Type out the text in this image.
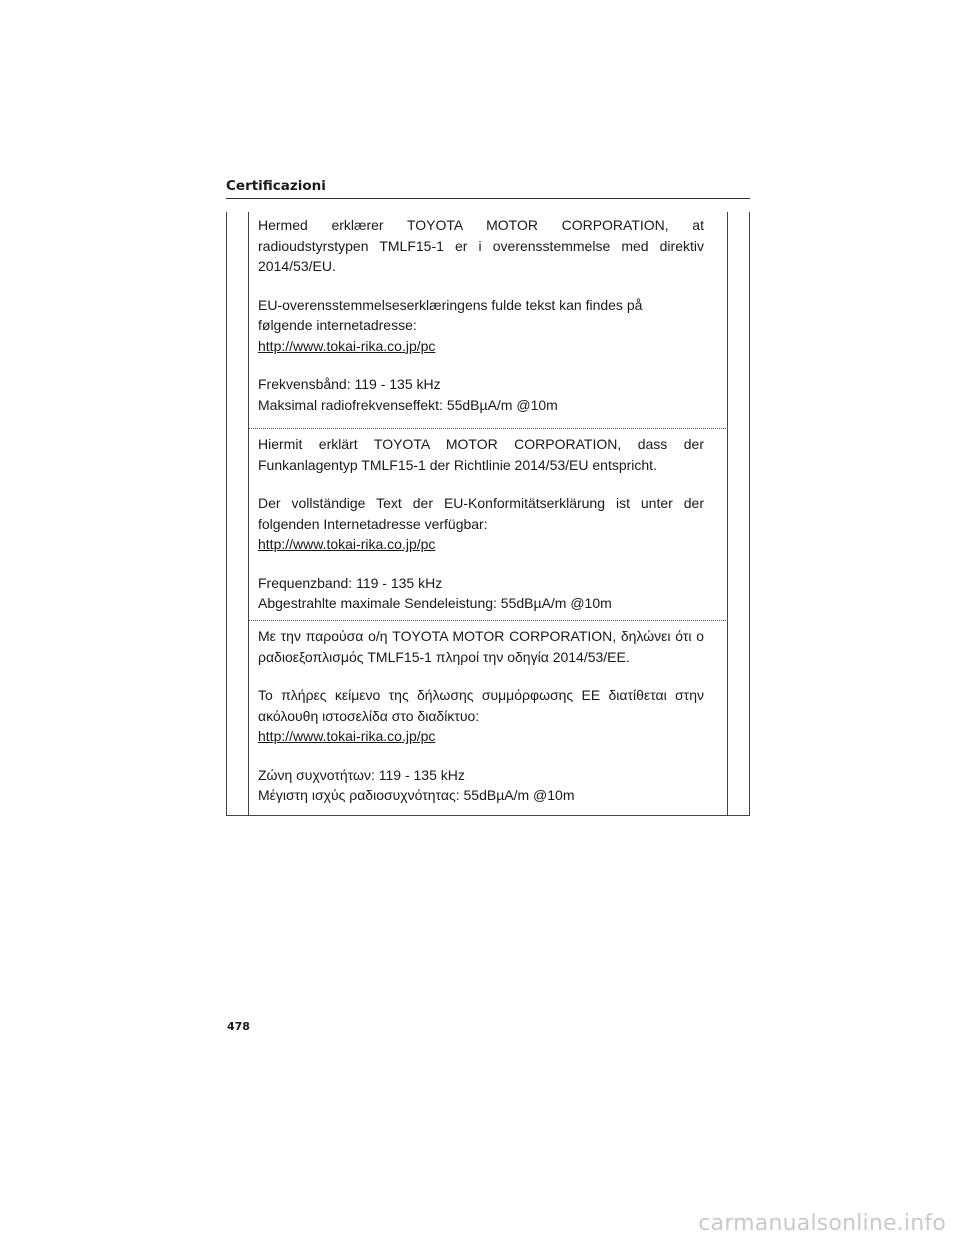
Certificazioni

Hermed erklærer TOYOTA MOTOR CORPORATION, at radioudstyrstypen TMLF15-1 er i overensstemmelse med direktiv 2014/53/EU.

EU-overensstemmelseserklæringens fulde tekst kan findes på

følgende internetadresse:

http://www.tokai-rika.co.jp/pc

Frekvensbånd: 119 - 135 kHz

Maksimal radiofrekvenseffekt: 55dBµA/m @10m

Hiermit erklärt TOYOTA MOTOR CORPORATION, dass der Funkanlagentyp TMLF15-1 der Richtlinie 2014/53/EU entspricht.

Der vollständige Text der EU-Konformitätserklärung ist unter der

folgenden Internetadresse verfügbar:

http://www.tokai-rika.co.jp/pc

Frequenzband: 119 - 135 kHz

Abgestrahlte maximale Sendeleistung: 55dBµA/m @10m

Με την παρούσα ο/η TOYOTA MOTOR CORPORATION, δηλώνει ότι ο ραδιοεξοπλισμός TMLF15-1 πληροί την οδηγία 2014/53/ΕΕ.

Το πλήρες κείμενο της δήλωσης συμμόρφωσης ΕΕ διατίθεται στην

ακόλουθη ιστοσελίδα στο διαδίκτυο:

http://www.tokai-rika.co.jp/pc

Ζώνη συχνοτήτων: 119 - 135 kHz

Μέγιστη ισχύς ραδιοσυχνότητας: 55dBµA/m @10m

478
carmanualsonline.info
